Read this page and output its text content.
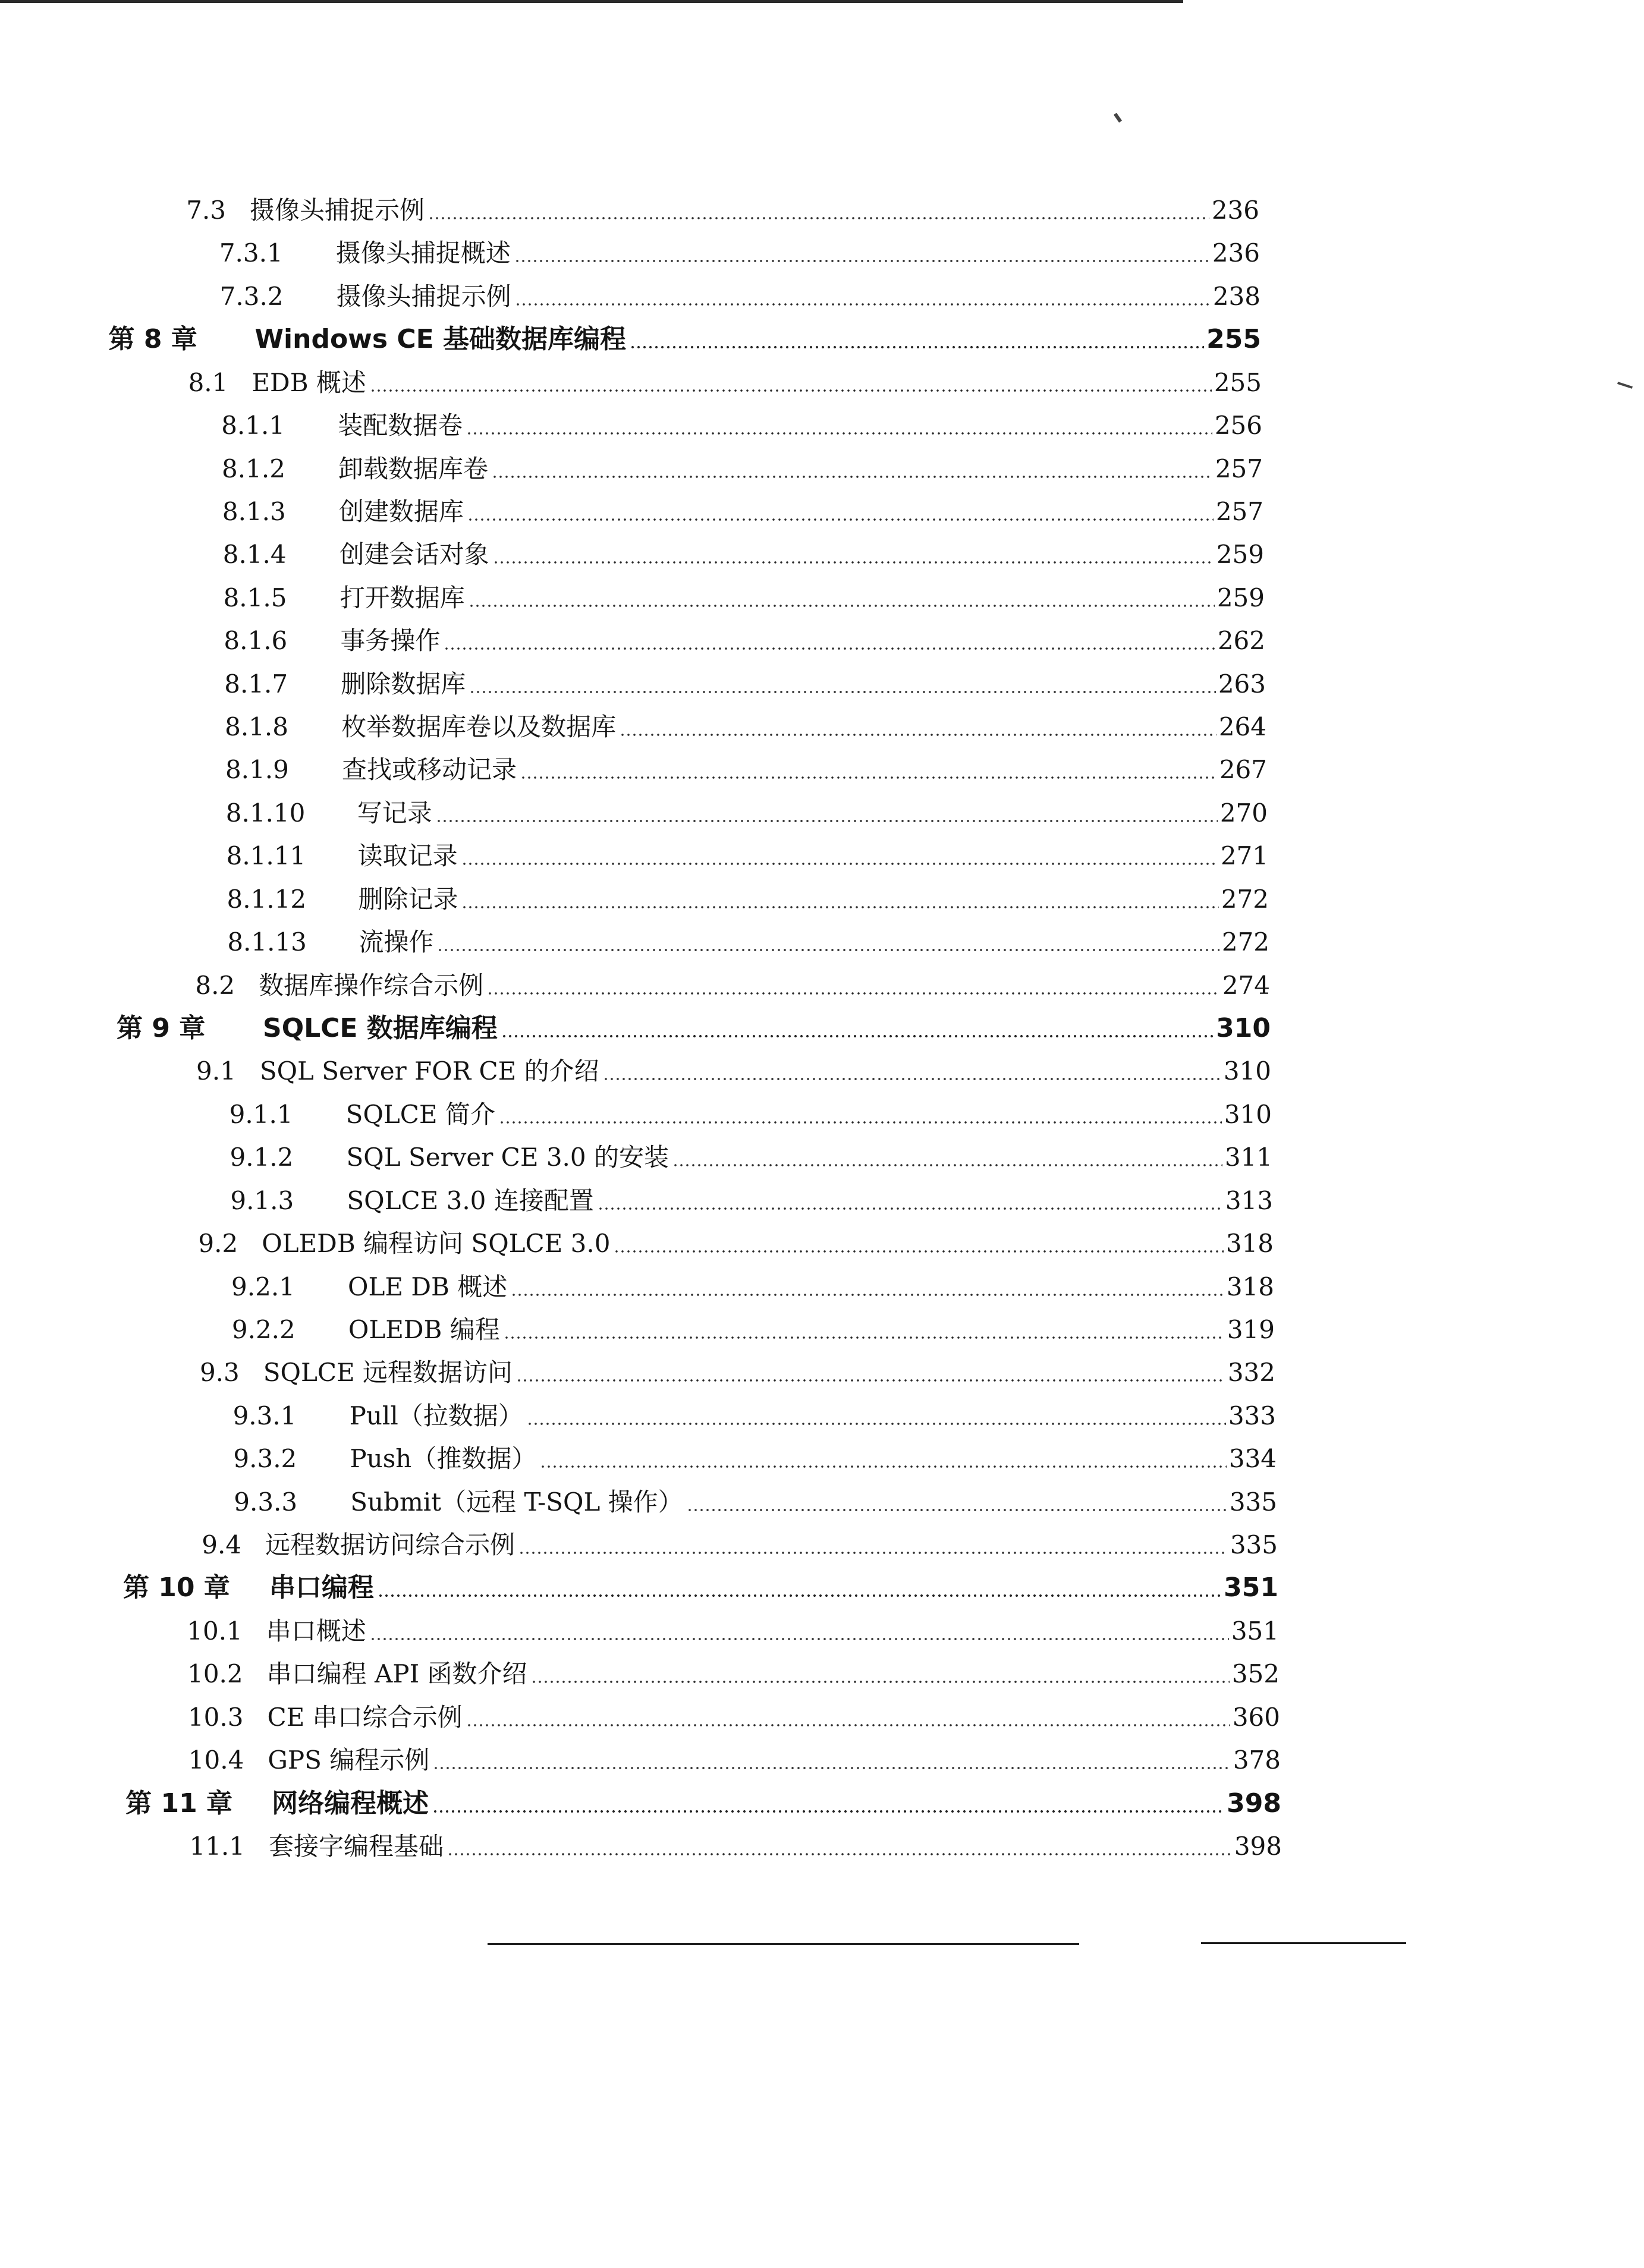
7.3 摄像头捕捉示例	236
7.3.1	摄像头捕捉概述	236
7.3.2	摄像头捕捉示例	238
第 8 章	Windows CE 基础数据库编程	255
8.1 EDB 概述	255
8.1.1	装配数据卷	256
8.1.2	卸载数据库卷	257
8.1.3	创建数据库	257
8.1.4	创建会话对象	259
8.1.5	打开数据库	259
8.1.6	事务操作	262
8.1.7	删除数据库	263
8.1.8	枚举数据库卷以及数据库	264
8.1.9	查找或移动记录	267
8.1.10	写记录	270
8.1.11	读取记录	271
8.1.12	删除记录	272
8.1.13	流操作	272
8.2 数据库操作综合示例	274
第 9 章	SQLCE 数据库编程	310
9.1 SQL Server FOR CE 的介绍	310
9.1.1	SQLCE 简介	310
9.1.2	SQL Server CE 3.0 的安装	311
9.1.3	SQLCE 3.0 连接配置	313
9.2 OLEDB 编程访问 SQLCE 3.0	318
9.2.1	OLE DB 概述	318
9.2.2	OLEDB 编程	319
9.3 SQLCE 远程数据访问	332
9.3.1	Pull（拉数据）	333
9.3.2	Push（推数据）	334
9.3.3	Submit（远程 T-SQL 操作）	335
9.4 远程数据访问综合示例	335
第 10 章	串口编程	351
10.1 串口概述	351
10.2 串口编程 API 函数介绍	352
10.3 CE 串口综合示例	360
10.4 GPS 编程示例	378
第 11 章	网络编程概述	398
11.1 套接字编程基础	398
